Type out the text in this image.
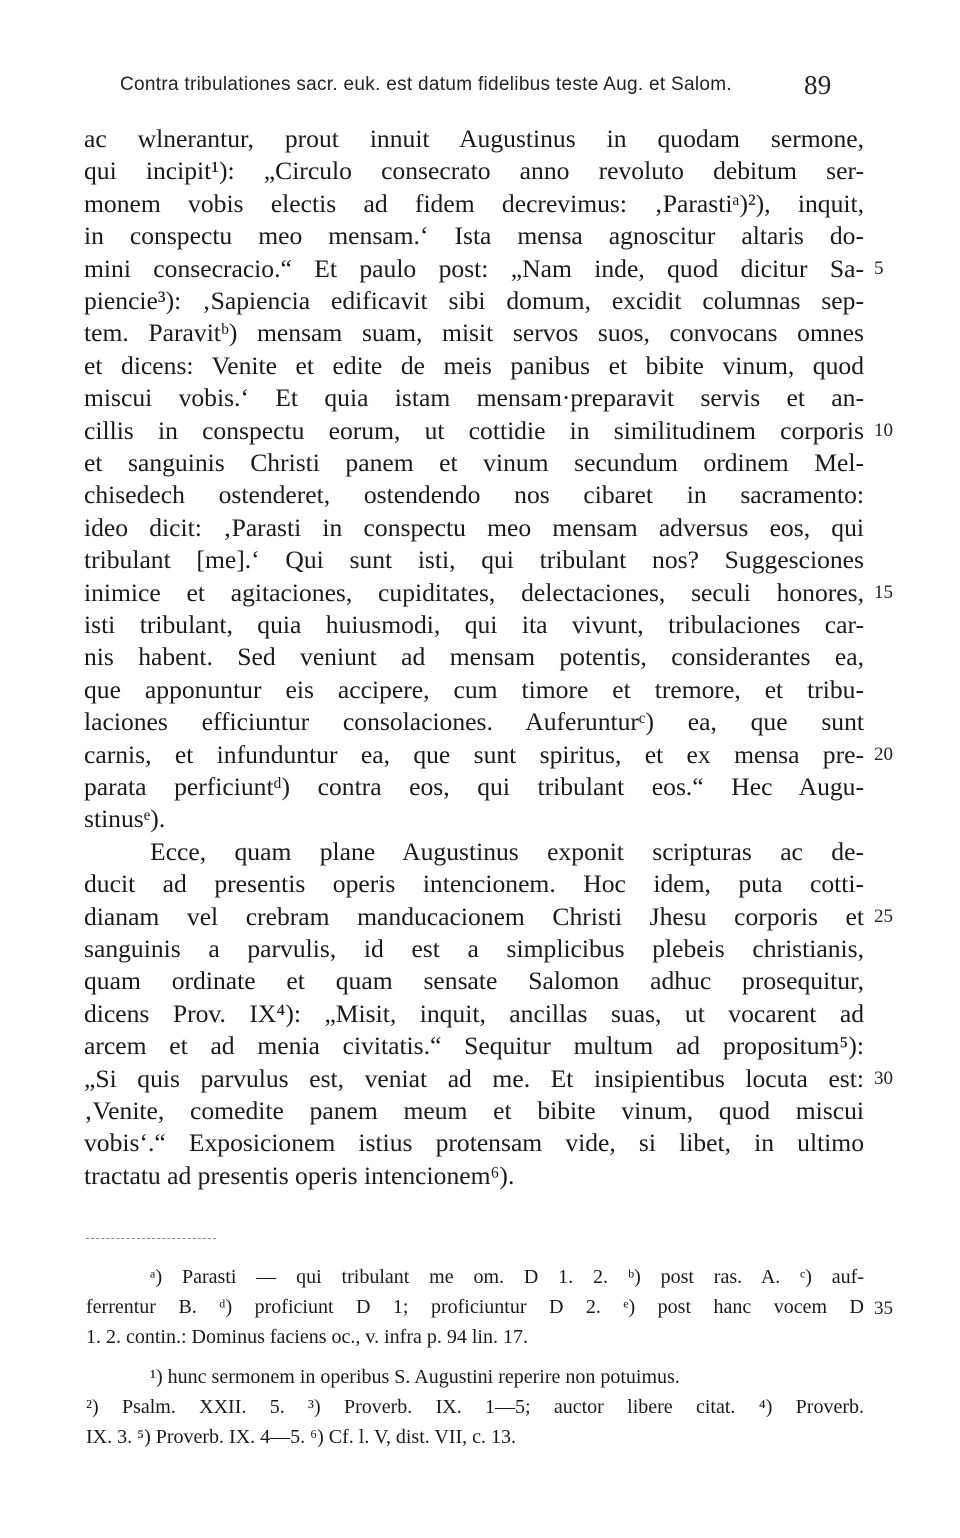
Contra tribulationes sacr. euk. est datum fidelibus teste Aug. et Salom.	89
ac wlnerantur, prout innuit Augustinus in quodam sermone,
qui incipit¹): „Circulo consecrato anno revoluto debitum ser-
monem vobis electis ad fidem decrevimus: ‚Parastiᵃ)²), inquit,
in conspectu meo mensam.‘ Ista mensa agnoscitur altaris do-
mini consecracio.“ Et paulo post: „Nam inde, quod dicitur Sa-
piencie³): ‚Sapiencia edificavit sibi domum, excidit columnas sep-
tem. Paravitᵇ) mensam suam, misit servos suos, convocans omnes
et dicens: Venite et edite de meis panibus et bibite vinum, quod
miscui vobis.‘ Et quia istam mensam·preparavit servis et an-
cillis in conspectu eorum, ut cottidie in similitudinem corporis
et sanguinis Christi panem et vinum secundum ordinem Mel-
chisedech ostenderet, ostendendo nos cibaret in sacramento:
ideo dicit: ‚Parasti in conspectu meo mensam adversus eos, qui
tribulant [me].‘ Qui sunt isti, qui tribulant nos? Suggesciones
inimice et agitaciones, cupiditates, delectaciones, seculi honores,
isti tribulant, quia huiusmodi, qui ita vivunt, tribulaciones car-
nis habent. Sed veniunt ad mensam potentis, considerantes ea,
que apponuntur eis accipere, cum timore et tremore, et tribu-
laciones efficiuntur consolaciones. Auferunturᶜ) ea, que sunt
carnis, et infunduntur ea, que sunt spiritus, et ex mensa pre-
parata perficiuntᵈ) contra eos, qui tribulant eos.“ Hec Augu-
stinusᵉ).
Ecce, quam plane Augustinus exponit scripturas ac de-
ducit ad presentis operis intencionem. Hoc idem, puta cotti-
dianam vel crebram manducacionem Christi Jhesu corporis et
sanguinis a parvulis, id est a simplicibus plebeis christianis,
quam ordinate et quam sensate Salomon adhuc prosequitur,
dicens Prov. IX⁴): „Misit, inquit, ancillas suas, ut vocarent ad
arcem et ad menia civitatis.“ Sequitur multum ad propositum⁵):
„Si quis parvulus est, veniat ad me. Et insipientibus locuta est:
‚Venite, comedite panem meum et bibite vinum, quod miscui
vobis‘.“ Exposicionem istius protensam vide, si libet, in ultimo
tractatu ad presentis operis intencionem⁶).
5
10
15
20
25
30
35
ᵃ) Parasti — qui tribulant me om. D 1. 2. ᵇ) post ras. A. ᶜ) auf-
ferrentur B. ᵈ) proficiunt D 1; proficiuntur D 2. ᵉ) post hanc vocem D
1. 2. contin.: Dominus faciens oc., v. infra p. 94 lin. 17.
¹) hunc sermonem in operibus S. Augustini reperire non potuimus.
²) Psalm. XXII. 5. ³) Proverb. IX. 1—5; auctor libere citat. ⁴) Proverb.
IX. 3. ⁵) Proverb. IX. 4—5. ⁶) Cf. l. V, dist. VII, c. 13.
